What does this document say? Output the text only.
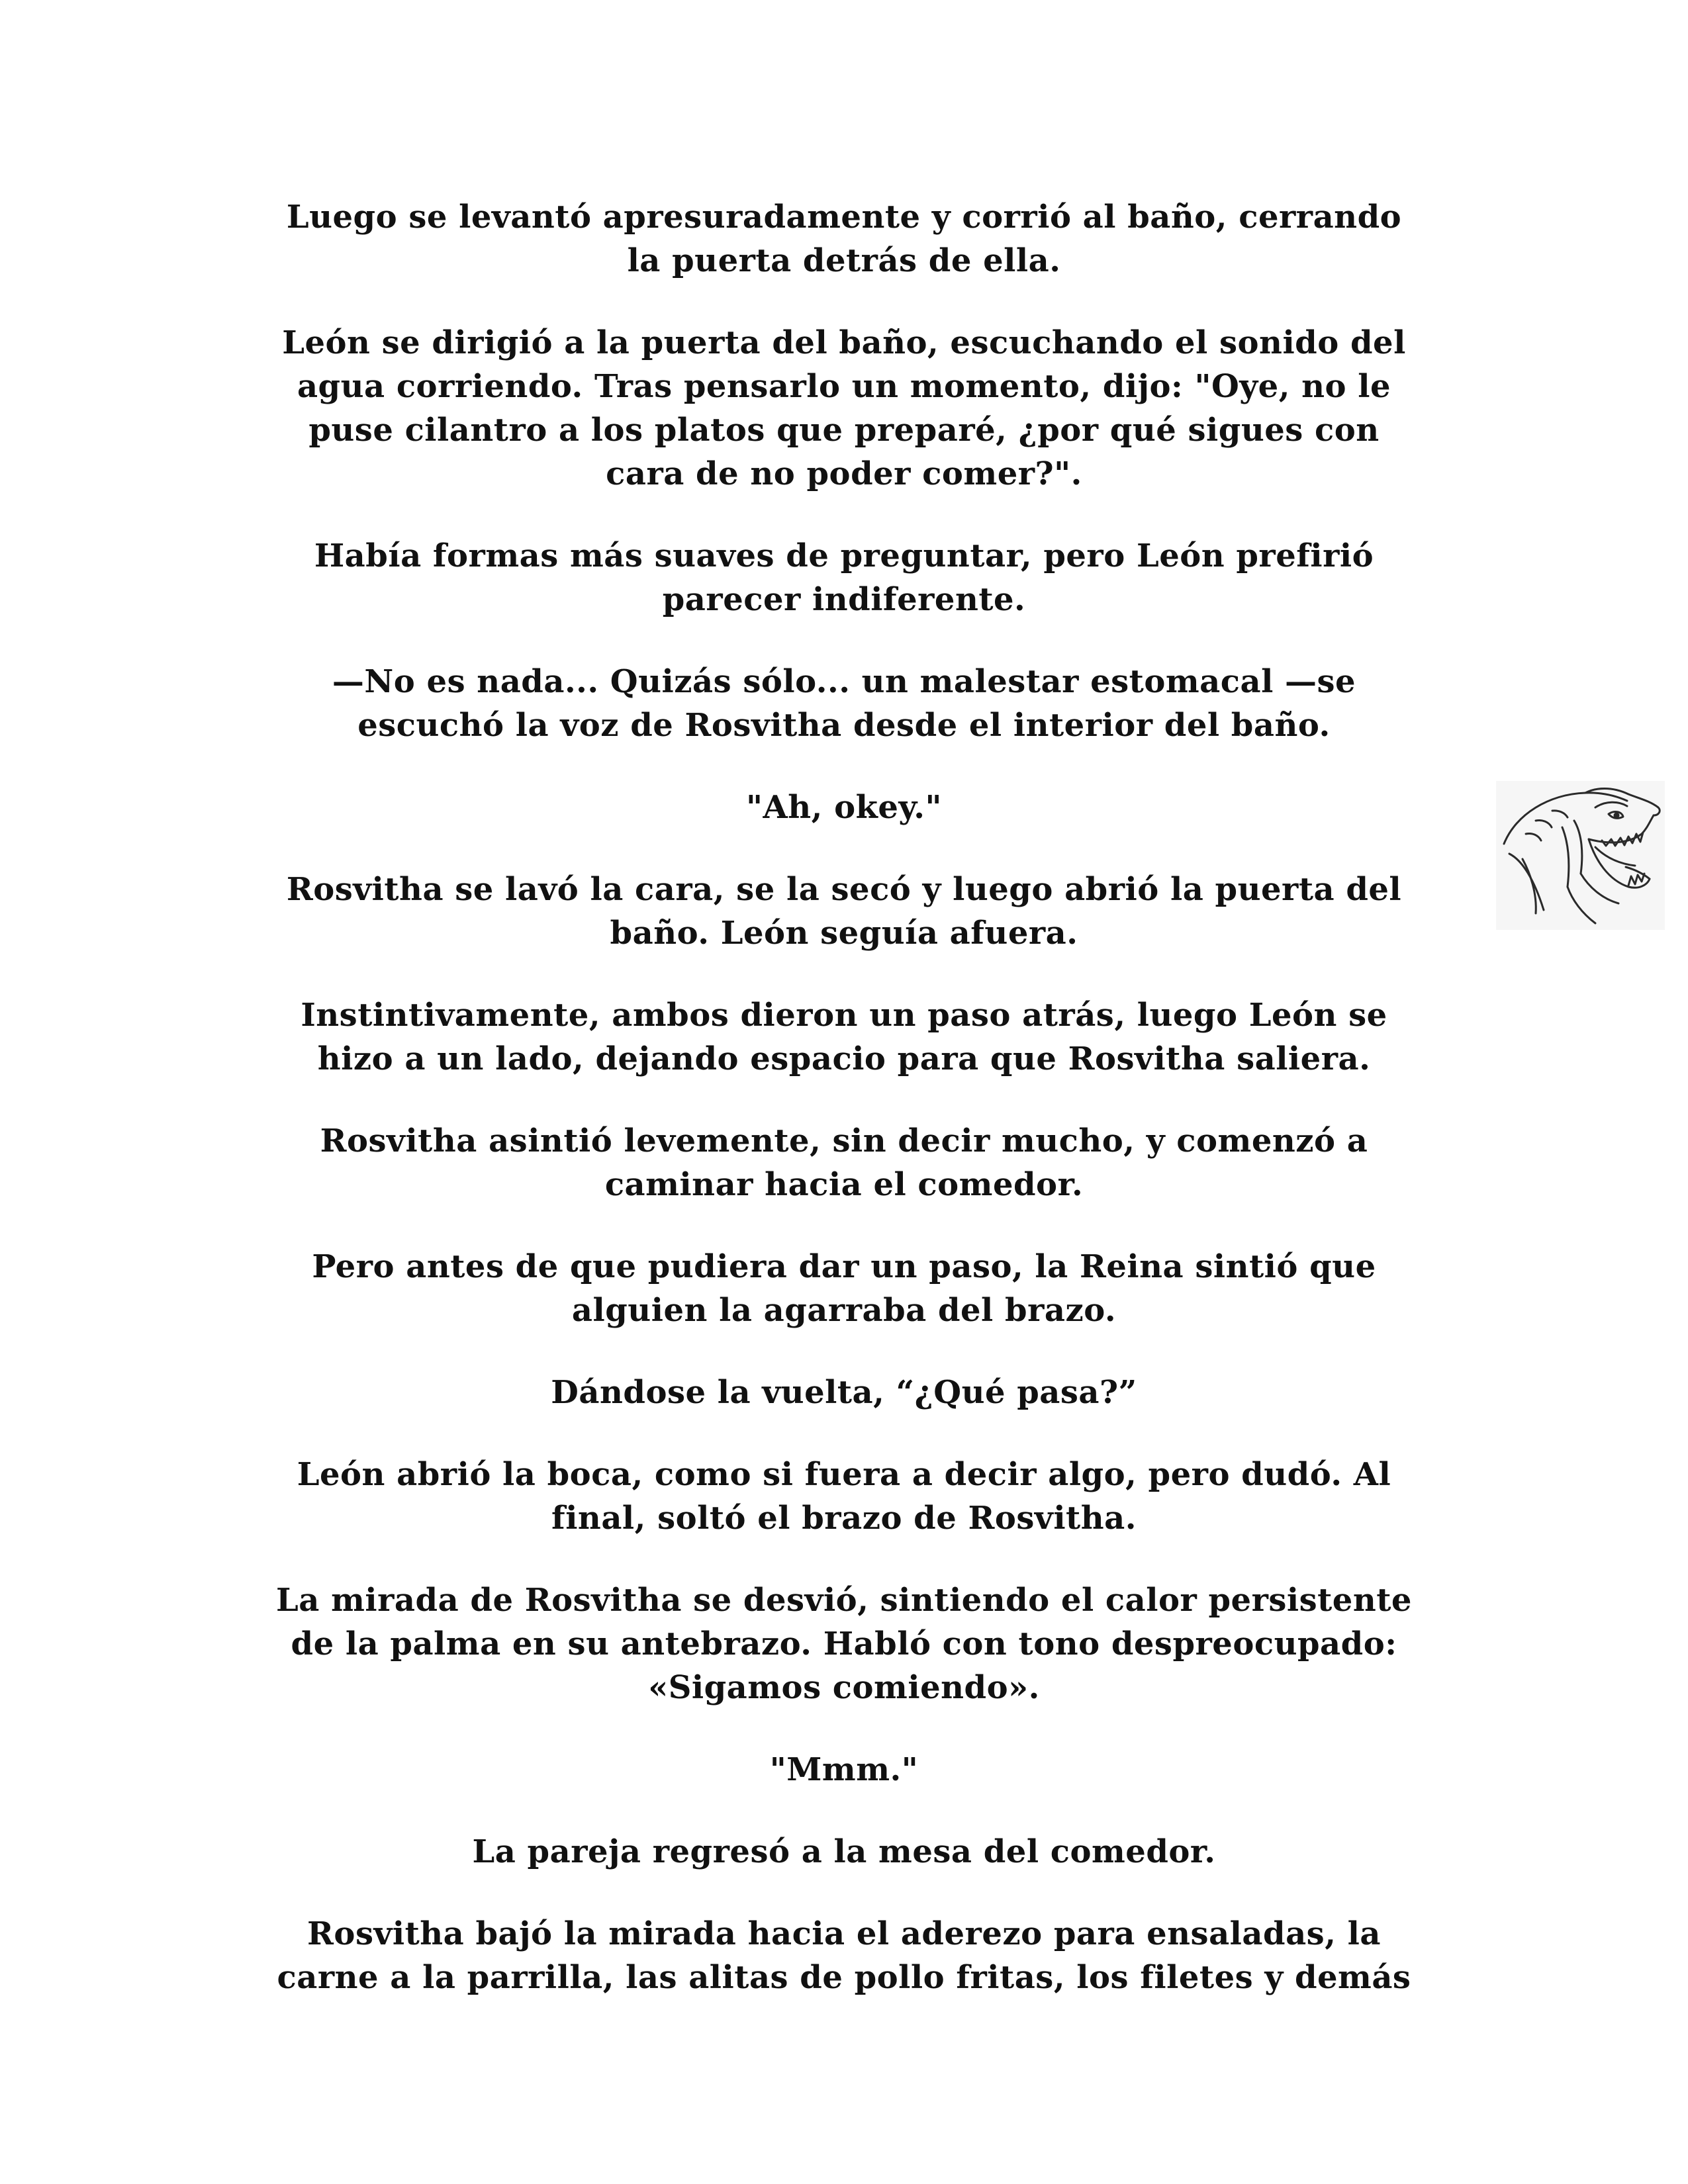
Luego se levantó apresuradamente y corrió al baño, cerrando
la puerta detrás de ella.

León se dirigió a la puerta del baño, escuchando el sonido del
agua corriendo. Tras pensarlo un momento, dijo: "Oye, no le
puse cilantro a los platos que preparé, ¿por qué sigues con
cara de no poder comer?".

Había formas más suaves de preguntar, pero León prefirió
parecer indiferente.

—No es nada... Quizás sólo... un malestar estomacal —se
escuchó la voz de Rosvitha desde el interior del baño.

"Ah, okey."

Rosvitha se lavó la cara, se la secó y luego abrió la puerta del
baño. León seguía afuera.

Instintivamente, ambos dieron un paso atrás, luego León se
hizo a un lado, dejando espacio para que Rosvitha saliera.

Rosvitha asintió levemente, sin decir mucho, y comenzó a
caminar hacia el comedor.

Pero antes de que pudiera dar un paso, la Reina sintió que
alguien la agarraba del brazo.

Dándose la vuelta, “¿Qué pasa?”

León abrió la boca, como si fuera a decir algo, pero dudó. Al
final, soltó el brazo de Rosvitha.

La mirada de Rosvitha se desvió, sintiendo el calor persistente
de la palma en su antebrazo. Habló con tono despreocupado:
«Sigamos comiendo».

"Mmm."

La pareja regresó a la mesa del comedor.

Rosvitha bajó la mirada hacia el aderezo para ensaladas, la
carne a la parrilla, las alitas de pollo fritas, los filetes y demás
